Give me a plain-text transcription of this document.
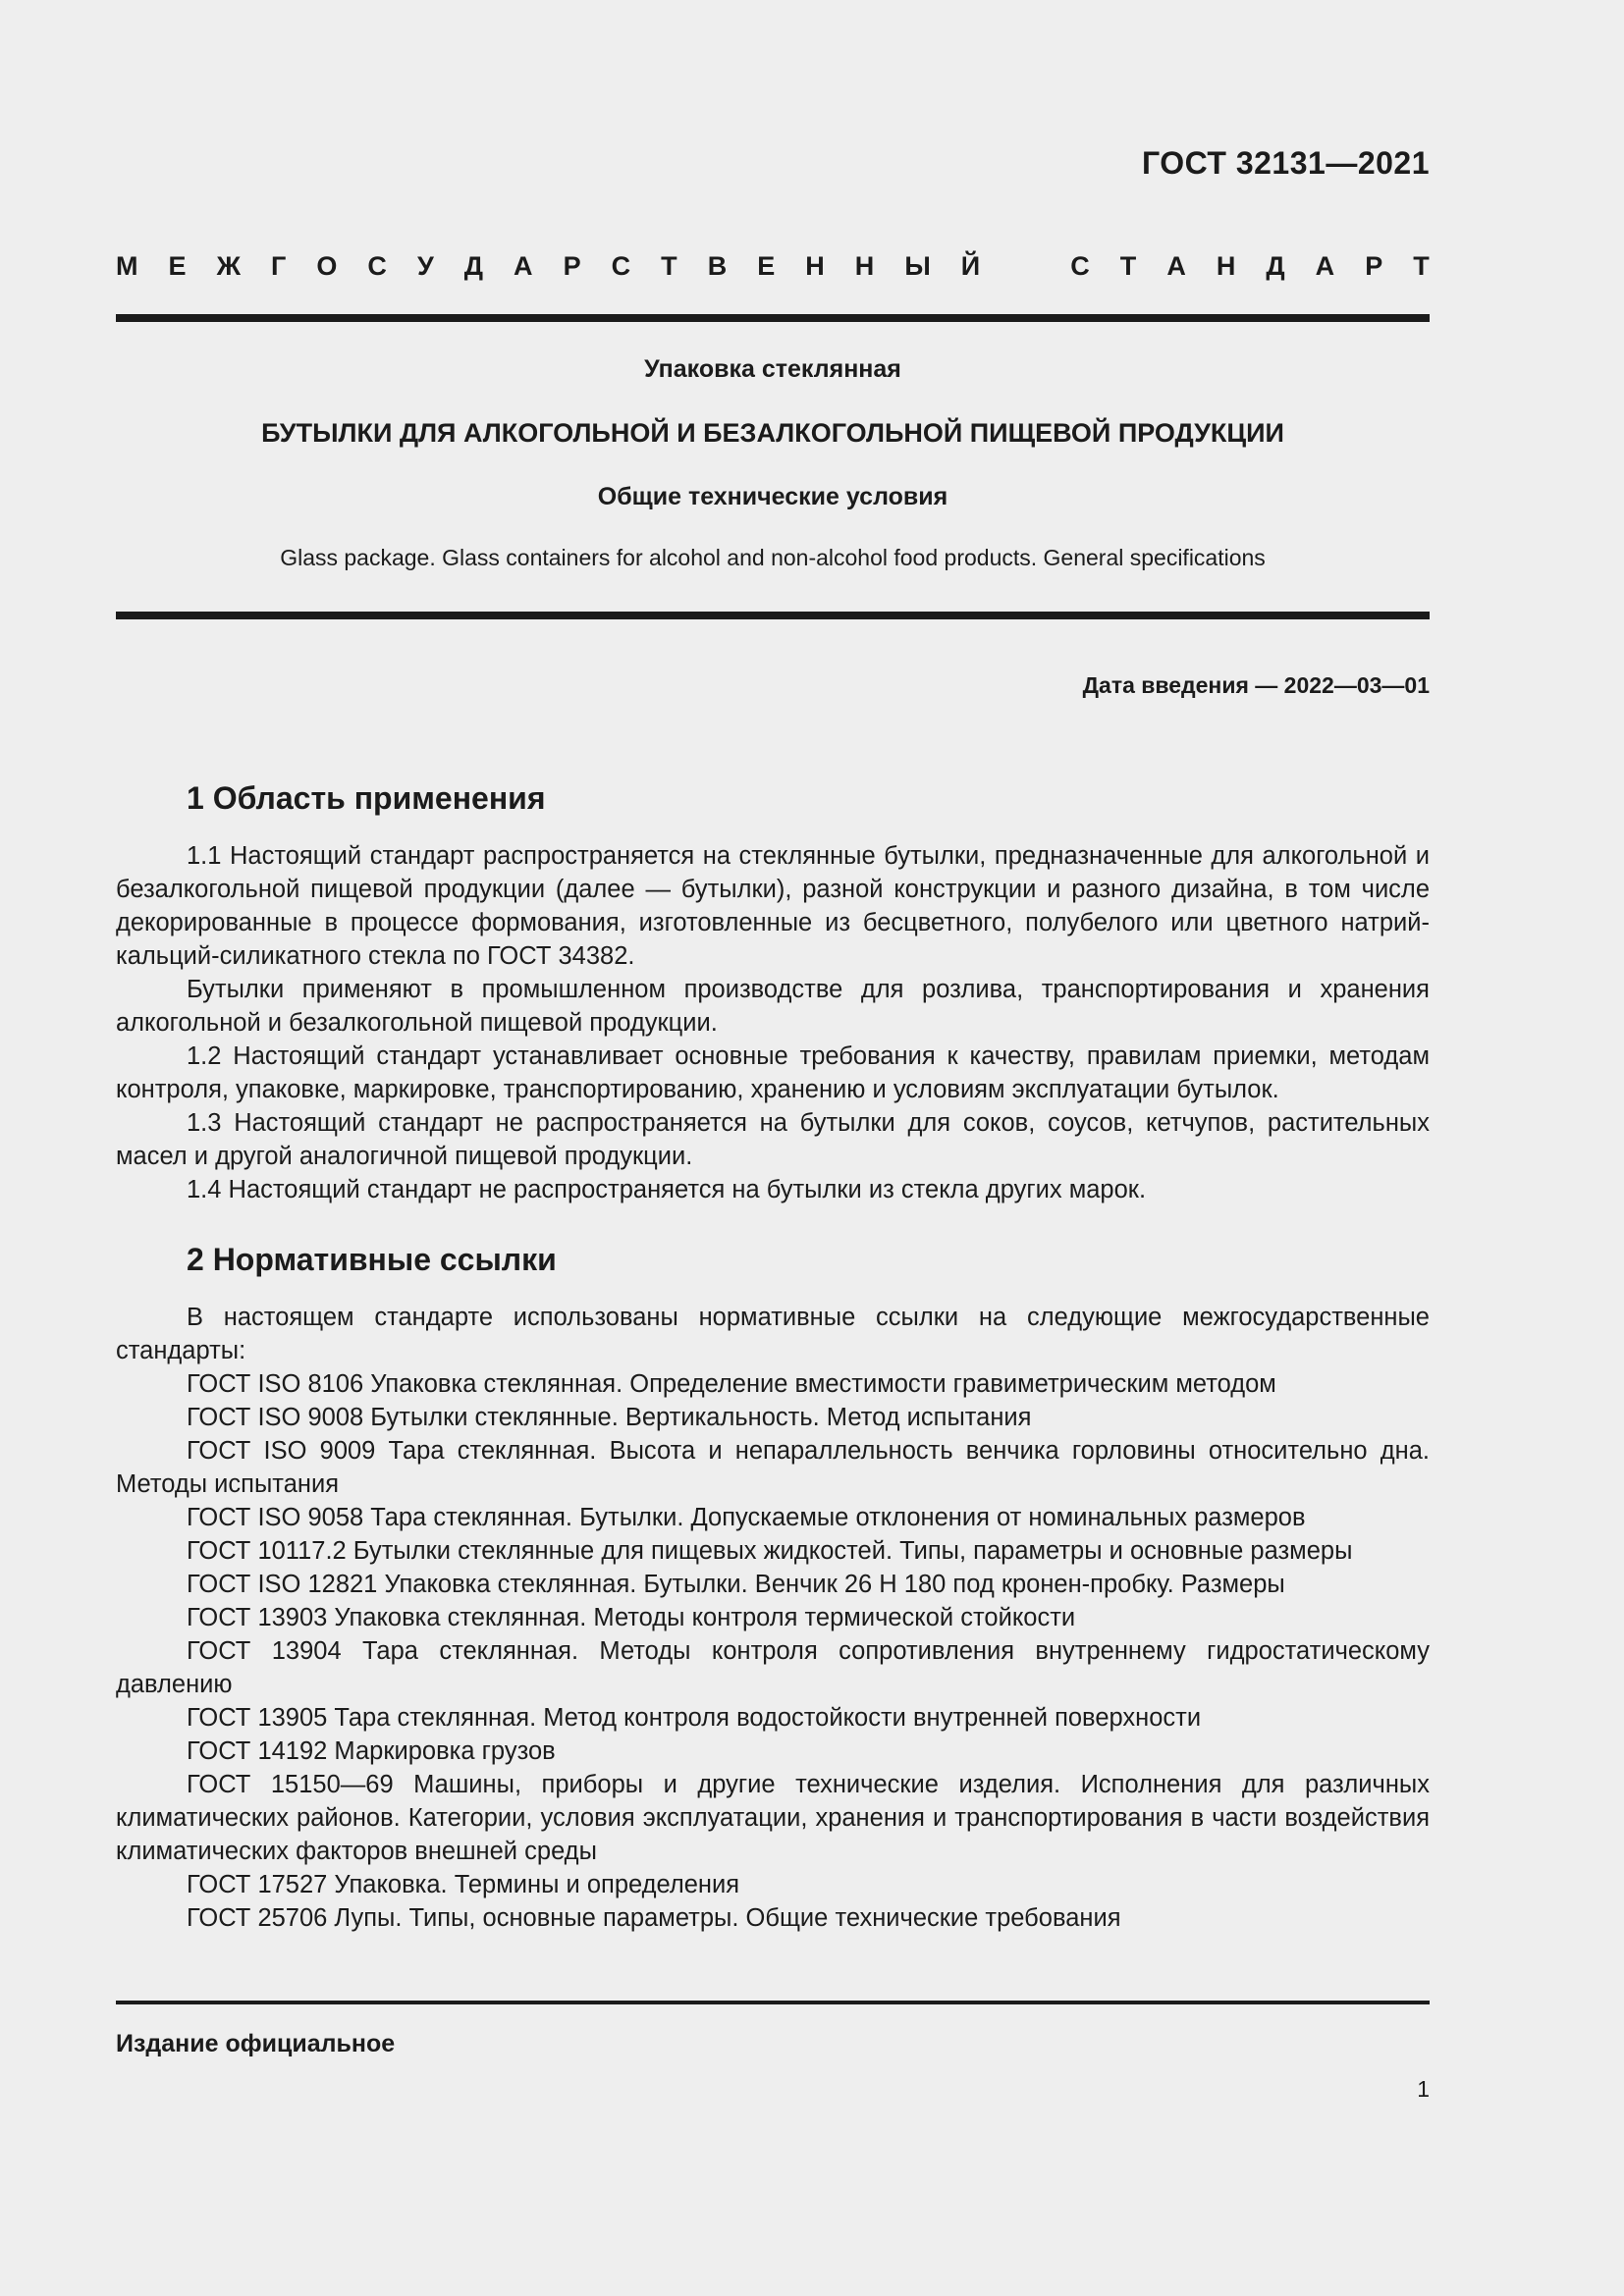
ГОСТ 32131—2021
М Е Ж Г О С У Д А Р С Т В Е Н Н Ы Й	С Т А Н Д А Р Т
Упаковка стеклянная
БУТЫЛКИ ДЛЯ АЛКОГОЛЬНОЙ И БЕЗАЛКОГОЛЬНОЙ ПИЩЕВОЙ ПРОДУКЦИИ
Общие технические условия
Glass package. Glass containers for alcohol and non-alcohol food products. General specifications
Дата введения — 2022—03—01
1 Область применения

1.1 Настоящий стандарт распространяется на стеклянные бутылки, предназначенные для алкогольной и безалкогольной пищевой продукции (далее — бутылки), разной конструкции и разного дизайна, в том числе декорированные в процессе формования, изготовленные из бесцветного, полубелого или цветного натрий-кальций-силикатного стекла по ГОСТ 34382.

Бутылки применяют в промышленном производстве для розлива, транспортирования и хранения алкогольной и безалкогольной пищевой продукции.

1.2 Настоящий стандарт устанавливает основные требования к качеству, правилам приемки, методам контроля, упаковке, маркировке, транспортированию, хранению и условиям эксплуатации бутылок.

1.3 Настоящий стандарт не распространяется на бутылки для соков, соусов, кетчупов, растительных масел и другой аналогичной пищевой продукции.

1.4 Настоящий стандарт не распространяется на бутылки из стекла других марок.

2 Нормативные ссылки

В настоящем стандарте использованы нормативные ссылки на следующие межгосударственные стандарты:

ГОСТ ISO 8106 Упаковка стеклянная. Определение вместимости гравиметрическим методом

ГОСТ ISO 9008 Бутылки стеклянные. Вертикальность. Метод испытания

ГОСТ ISO 9009 Тара стеклянная. Высота и непараллельность венчика горловины относительно дна. Методы испытания

ГОСТ ISO 9058 Тара стеклянная. Бутылки. Допускаемые отклонения от номинальных размеров

ГОСТ 10117.2 Бутылки стеклянные для пищевых жидкостей. Типы, параметры и основные размеры

ГОСТ ISO 12821 Упаковка стеклянная. Бутылки. Венчик 26 Н 180 под кронен-пробку. Размеры

ГОСТ 13903 Упаковка стеклянная. Методы контроля термической стойкости

ГОСТ 13904 Тара стеклянная. Методы контроля сопротивления внутреннему гидростатическому давлению

ГОСТ 13905 Тара стеклянная. Метод контроля водостойкости внутренней поверхности

ГОСТ 14192 Маркировка грузов

ГОСТ 15150—69 Машины, приборы и другие технические изделия. Исполнения для различных климатических районов. Категории, условия эксплуатации, хранения и транспортирования в части воздействия климатических факторов внешней среды

ГОСТ 17527 Упаковка. Термины и определения

ГОСТ 25706 Лупы. Типы, основные параметры. Общие технические требования

Издание официальное
1
